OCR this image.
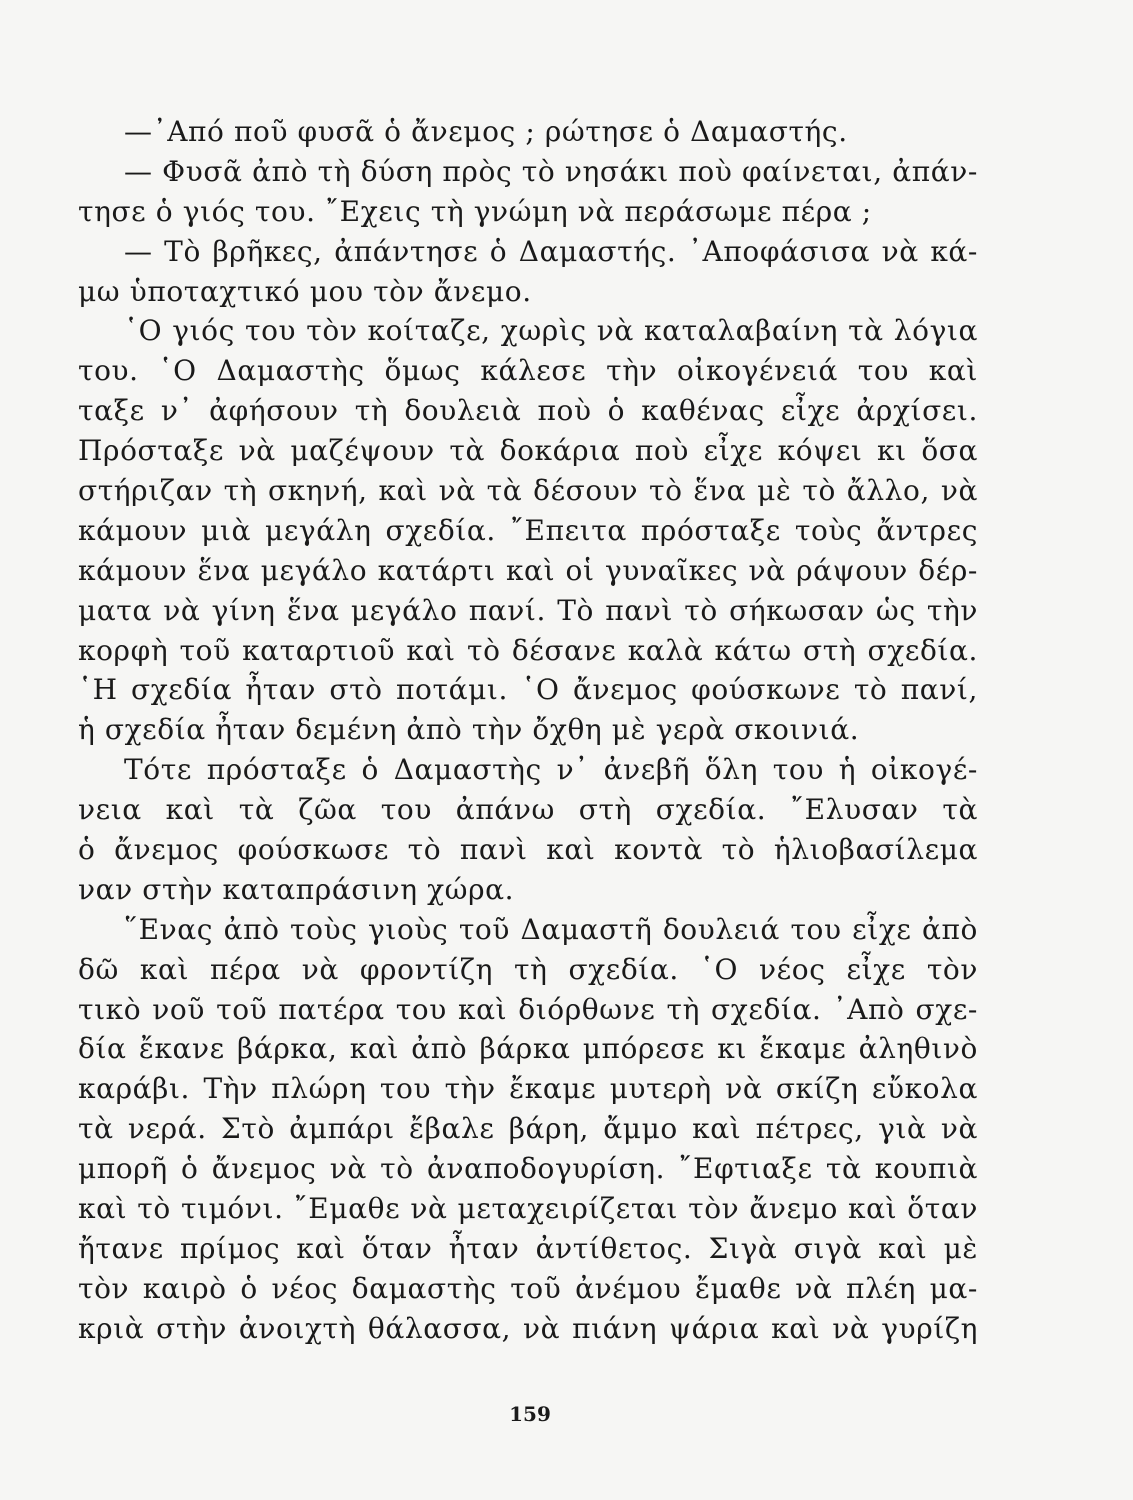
—᾿Από ποῦ φυσᾶ ὁ ἄνεμος ; ρώτησε ὁ Δαμαστής.
— Φυσᾶ ἀπὸ τὴ δύση πρὸς τὸ νησάκι ποὺ φαίνεται, ἀπάν-
τησε ὁ γιός του. ῎Εχεις τὴ γνώμη νὰ περάσωμε πέρα ;
— Τὸ βρῆκες, ἀπάντησε ὁ Δαμαστής. ᾿Αποφάσισα νὰ κά-
μω ὑποταχτικό μου τὸν ἄνεμο.
῾Ο γιός του τὸν κοίταζε, χωρὶς νὰ καταλαβαίνη τὰ λόγια
του. ῾Ο Δαμαστὴς ὅμως κάλεσε τὴν οἰκογένειά του καὶ
ταξε ν᾿ ἀφήσουν τὴ δουλειὰ ποὺ ὁ καθένας εἶχε ἀρχίσει.
Πρόσταξε νὰ μαζέψουν τὰ δοκάρια ποὺ εἶχε κόψει κι ὅσα
στήριζαν τὴ σκηνή, καὶ νὰ τὰ δέσουν τὸ ἕνα μὲ τὸ ἄλλο, νὰ
κάμουν μιὰ μεγάλη σχεδία. ῎Επειτα πρόσταξε τοὺς ἄντρες
κάμουν ἕνα μεγάλο κατάρτι καὶ οἱ γυναῖκες νὰ ράψουν δέρ-
ματα νὰ γίνη ἕνα μεγάλο πανί. Τὸ πανὶ τὸ σήκωσαν ὡς τὴν
κορφὴ τοῦ καταρτιοῦ καὶ τὸ δέσανε καλὰ κάτω στὴ σχεδία.
῾Η σχεδία ἦταν στὸ ποτάμι. ῾Ο ἄνεμος φούσκωνε τὸ πανί,
ἡ σχεδία ἦταν δεμένη ἀπὸ τὴν ὄχθη μὲ γερὰ σκοινιά.
Τότε πρόσταξε ὁ Δαμαστὴς ν᾿ ἀνεβῆ ὅλη του ἡ οἰκογέ-
νεια καὶ τὰ ζῶα του ἀπάνω στὴ σχεδία. ῎Ελυσαν τὰ
ὁ ἄνεμος φούσκωσε τὸ πανὶ καὶ κοντὰ τὸ ἡλιοβασίλεμα
ναν στὴν καταπράσινη χώρα.
῞Ενας ἀπὸ τοὺς γιοὺς τοῦ Δαμαστῆ δουλειά του εἶχε ἀπὸ
δῶ καὶ πέρα νὰ φροντίζη τὴ σχεδία. ῾Ο νέος εἶχε τὸν
τικὸ νοῦ τοῦ πατέρα του καὶ διόρθωνε τὴ σχεδία. ᾿Απὸ σχε-
δία ἔκανε βάρκα, καὶ ἀπὸ βάρκα μπόρεσε κι ἔκαμε ἀληθινὸ
καράβι. Τὴν πλώρη του τὴν ἔκαμε μυτερὴ νὰ σκίζη εὔκολα
τὰ νερά. Στὸ ἀμπάρι ἔβαλε βάρη, ἄμμο καὶ πέτρες, γιὰ νὰ
μπορῆ ὁ ἄνεμος νὰ τὸ ἀναποδογυρίση. ῎Εφτιαξε τὰ κουπιὰ
καὶ τὸ τιμόνι. ῎Εμαθε νὰ μεταχειρίζεται τὸν ἄνεμο καὶ ὅταν
ἤτανε πρίμος καὶ ὅταν ἦταν ἀντίθετος. Σιγὰ σιγὰ καὶ μὲ
τὸν καιρὸ ὁ νέος δαμαστὴς τοῦ ἀνέμου ἔμαθε νὰ πλέη μα-
κριὰ στὴν ἀνοιχτὴ θάλασσα, νὰ πιάνη ψάρια καὶ νὰ γυρίζη
159
